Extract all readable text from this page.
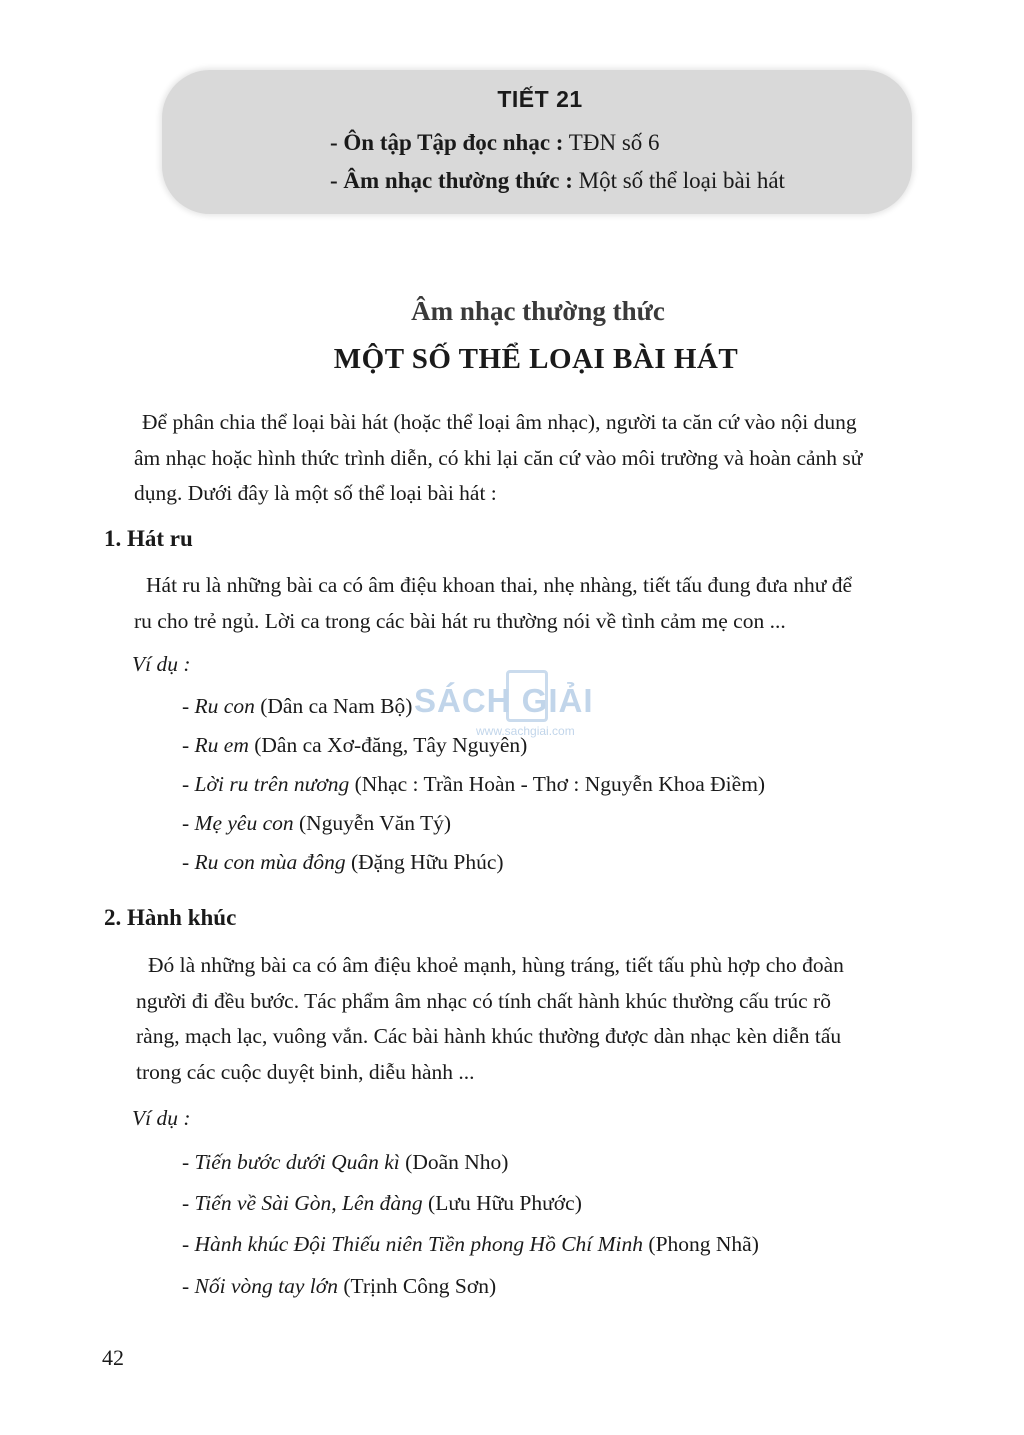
TIẾT 21
- Ôn tập Tập đọc nhạc : TĐN số 6
- Âm nhạc thường thức : Một số thể loại bài hát
Âm nhạc thường thức
MỘT SỐ THỂ LOẠI BÀI HÁT
Để phân chia thể loại bài hát (hoặc thể loại âm nhạc), người ta căn cứ vào nội dung
âm nhạc hoặc hình thức trình diễn, có khi lại căn cứ vào môi trường và hoàn cảnh sử
dụng. Dưới đây là một số thể loại bài hát :
1. Hát ru
Hát ru là những bài ca có âm điệu khoan thai, nhẹ nhàng, tiết tấu đung đưa như để
ru cho trẻ ngủ. Lời ca trong các bài hát ru thường nói về tình cảm mẹ con ...
Ví dụ :
- Ru con (Dân ca Nam Bộ)
- Ru em (Dân ca Xơ-đăng, Tây Nguyên)
- Lời ru trên nương (Nhạc : Trần Hoàn - Thơ : Nguyễn Khoa Điềm)
- Mẹ yêu con (Nguyễn Văn Tý)
- Ru con mùa đông (Đặng Hữu Phúc)
2. Hành khúc
Đó là những bài ca có âm điệu khoẻ mạnh, hùng tráng, tiết tấu phù hợp cho đoàn
người đi đều bước. Tác phẩm âm nhạc có tính chất hành khúc thường cấu trúc rõ
ràng, mạch lạc, vuông vắn. Các bài hành khúc thường được dàn nhạc kèn diễn tấu
trong các cuộc duyệt binh, diễu hành ...
Ví dụ :
- Tiến bước dưới Quân kì (Doãn Nho)
- Tiến về Sài Gòn, Lên đàng (Lưu Hữu Phước)
- Hành khúc Đội Thiếu niên Tiền phong Hồ Chí Minh (Phong Nhã)
- Nối vòng tay lớn (Trịnh Công Sơn)
SÁCH GIẢI
www.sachgiai.com
42
